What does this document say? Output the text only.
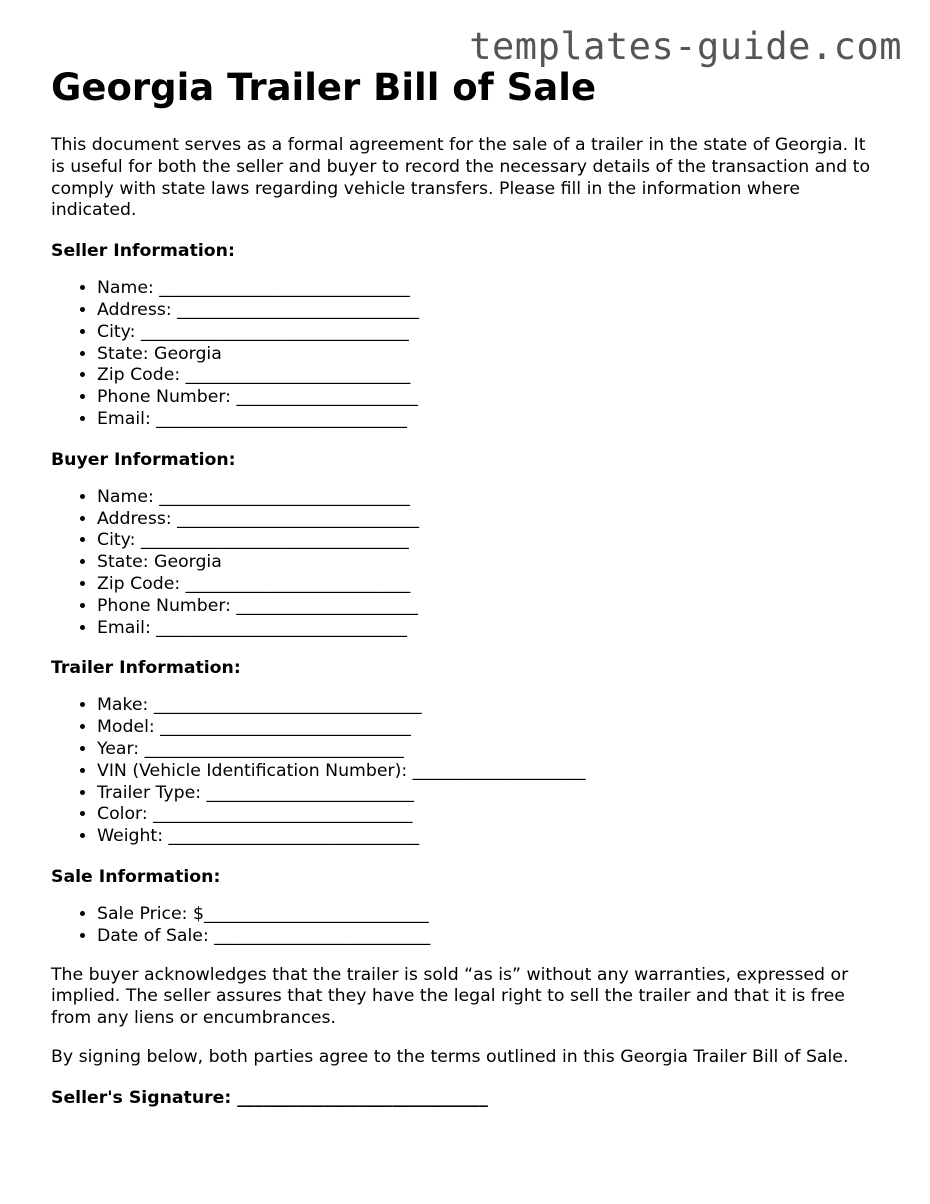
templates-guide.com
Georgia Trailer Bill of Sale

This document serves as a formal agreement for the sale of a trailer in the state of Georgia. It is useful for both the seller and buyer to record the necessary details of the transaction and to comply with state laws regarding vehicle transfers. Please fill in the information where indicated.

Seller Information:
• Name: _____________________________
• Address: ____________________________
• City: _______________________________
• State: Georgia
• Zip Code: __________________________
• Phone Number: _____________________
• Email: _____________________________
Buyer Information:
• Name: _____________________________
• Address: ____________________________
• City: _______________________________
• State: Georgia
• Zip Code: __________________________
• Phone Number: _____________________
• Email: _____________________________
Trailer Information:
• Make: _______________________________
• Model: _____________________________
• Year: ______________________________
• VIN (Vehicle Identification Number): ____________________
• Trailer Type: ________________________
• Color: ______________________________
• Weight: _____________________________
Sale Information:
• Sale Price: $__________________________
• Date of Sale: _________________________

The buyer acknowledges that the trailer is sold “as is” without any warranties, expressed or implied. The seller assures that they have the legal right to sell the trailer and that it is free from any liens or encumbrances.

By signing below, both parties agree to the terms outlined in this Georgia Trailer Bill of Sale.

Seller's Signature: _____________________________
